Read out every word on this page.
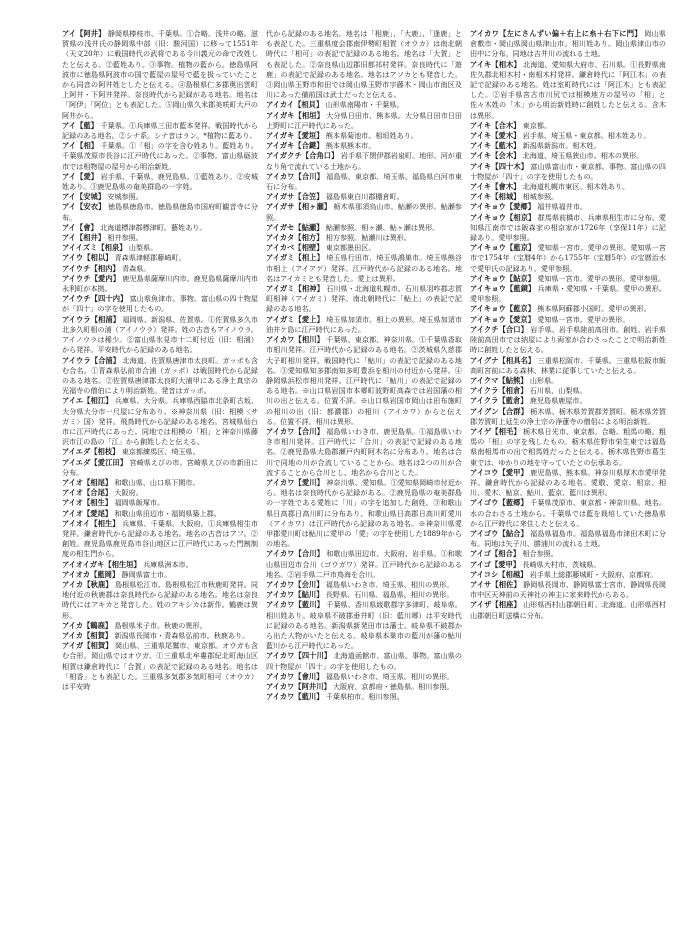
アイ【阿井】 静岡県榛枝市、千葉県。①合略。浅井の略。滋賀県の浅井氏の静岡県中部（旧：駿河国）に移って1551年（天文20年）に戦国時代の武将である今川義元の命で改姓したと伝える。②藍姓あり。③事物。植物の藍から。徳島県阿波市に徳島県阿波市の国で藍屋の屋号で藍を扱っていたことから同音の阿井姓としたと伝える。④島根県仁多郡奥出雲町上阿井・下阿井発祥。奈良時代から記録がある地名。地名は「阿伊」「阿位」とも表記した。⑤岡山県久米郡美咲町大戸の阿井から。

アイ【藍】 千葉県。①兵庫県三田市藍本発祥。戦国時代から記録のある地名。②シナ系。シナ音はラン。*植物に藍あり。

アイ【相】 千葉県。①「相」の字を含む姓あり。藍姓あり。千葉県茂原市長谷に江戸時代にあった。②事物。富山県砺波市では相物屋の屋号から明治新姓。

アイ【愛】 岩手県、千葉県、鹿児島県。①藍姓あり。②安城姓あり。③鹿児島県の奄美群島の一字姓。

アイ【安城】 安城参照。

アイ【安衣】 徳島県徳島市。徳島県徳島市国府町観音寺に分布。

アイ【會】 北海道標津郡標津町。藝姓あり。

アイ【相井】 相井参照。

アイイズミ【相泉】 山梨県。

アイウ【相以】 青森県津軽郡藤崎町。

アイウチ【相内】 青森県。

アイウチ【愛内】 鹿児島県薩摩川内市。鹿児島県薩摩川内市永利町が本拠。

アイウチ【四十内】 富山県魚津市。事物。富山県の四十物屋が「四十」の字を使用したもの。

アイウラ【相浦】 福岡県、新潟県、佐賀県。①佐賀県多久市北多久町相の浦（アイノウラ）発祥。姓の古音もアイノウラ。アイノウラは稀少。②富山県氷見市十二町付近（旧：相浦）から発祥。平安時代から記録のある地名。

アイウラ【合浦】 北海道、佐賀県唐津市太良町。ガッポも含む合名。①青森県弘前市合浦（ガッポ）は戦国時代から記録のある地名。②佐賀県唐津郡太良町大浦甲にある浄土真宗の光福寺の僧伯により明治新姓。発音はガッポ。

アイエ【相江】 兵庫県、大分県。兵庫県西脇市北条町古坂、大分県大分市一尺屋に分布あり。※神奈川県（旧：相模〈サガミ〉国）発祥。飛鳥時代から記録のある地名。宮城県仙台市に江戸時代にあった。同地では相模の「相」と神奈川県藤沢市江の島の「江」から創姓したと伝える。

アイエダ【相枝】 東京都練馬区、埼玉県。

アイエダ【愛江田】 宮崎県えびの市。宮崎県えびの市新田に分布。

アイオ【相尾】 和歌山県、山口県下関市。

アイオ【合尾】 大阪府。

アイオ【相生】 福岡県飯塚市。

アイオ【愛尾】 和歌山県田辺市・福岡県築上郡。

アイオイ【相生】 兵庫県、千葉県、大阪府。①兵庫県相生市発祥。鎌倉時代から記録のある地名。地名の古音はアフ。②創姓。鹿児島県鹿児島市谷山地区に江戸時代にあった門割制度の相生門から。

アイオイガキ【相生垣】 兵庫県洲本市。

アイオカ【藍岡】 静岡県富士市。

アイカ【秋鹿】 島根県松江市。島根県松江市秋鹿町発祥。同地付近の秋鹿郡は奈良時代から記録のある地名。地名は奈良時代にはアキカと発音した。姓のアキシカは新作。鶴鹿は異形。

アイカ【鶴鹿】 島根県米子市。秋鹿の異形。

アイカ【相賀】 新潟県長岡市・青森県弘前市。秋鹿あり。

アイガ【相賀】 岡山県、三重県尾鷲市、東京都。オウガも含む合形。岡山県ではオウガ。①三重県北牟婁郡紀北町海山区相賀は鎌倉時代に「合賀」の表記で記録のある地名。地名は「相香」とも表記した。三重県多気郡多気町相可（オウカ）は平安時

代から記録のある地名。地名は「相鹿」、「大鹿」、「逢鹿」とも表記した。三重県度会郡南伊勢町相賀（オウカ）は南北朝時代に「相可」の表記で記録のある地名。地名は「大賀」とも表記した。②奈良県山辺郡旧都祁村発祥。奈良時代に「遊鹿」の表記で記録のある地名。地名はアソカとも発音した。③岡山県玉野市和田では岡山県玉野市宇藤木・岡山市南区及川にあった備前国は武士だったと伝える。

アイカイ【相貝】 山形県南陽市・千葉県。

アイガキ【相垣】 大分県日田市、熊本県。大分県日田市日田上野町に江戸時代にあった。

アイガキ【愛垣】 熊本県菊池市。相垣姓あり。

アイガキ【合鍵】 熊本県熊本市。

アイガクチ【合角口】 岩手県下閉伊郡岩泉町。地形。河が重なり角で流れている土地から。

アイカワ【合川】 福島県、東京都、埼玉県。福島県白河市東石に分布。

アイガサ【合笠】 福島県東白川郡棚倉町。

アイガサ【相ヶ瀬】 栃木県那須烏山市。鮎瀬の異形。鮎瀬参照。

アイガセ【鮎瀬】 鮎瀬参照。相ヶ瀬、鮎ヶ瀬は異形。

アイカタ【相方】 相方参照。鮎瀬川は異形。

アイカベ【相壁】 東京都墨田区。

アイガミ【相上】 埼玉県行田市、埼玉県鴻巣市。埼玉県熊谷市相上（アイアゲ）発祥。江戸時代から記録のある地名。地名はアイカミとも発音した。愛上は異形。

アイガミ【相神】 石川県・北海道札幌市。石川県羽咋郡志賀町相神（アイガミ）発祥。南北朝時代に「鮎上」の表記で記録のある地名。

アイガミ【愛上】 埼玉県加須市。相上の異形。埼玉県加須市油井ケ島に江戸時代にあった。

アイカワ【相川】 千葉県、東京都、神奈川県。①千葉県香取市相川発祥。江戸時代から記録のある地名。②茨城県久慈郡大子町相川発祥。戦国時代に「鮎川」の表記で記録のある地名。③愛知県知多郡南知多町豊浜を相川の付近から発祥。④静岡県浜松市相川発祥。江戸時代に「鮎川」の表記で記録のある地名。※山口県岩国市本郷町波野町高森では岩国藩の相川の出と伝える。位置不詳。※山口県岩国市岡山は田布施町の相川の出（旧：都濃郡）の相川（アイカワ）からと伝える。位置不詳。相川は異形。

アイカワ【合川】 福島県いわき市、鹿児島県。①福島県いわき市相川発祥。江戸時代に「合川」の表記で記録のある地名。②鹿児島県大島郡瀬戸内町阿木名に分布あり。地名は合川で同地の川が合流していることから。地名は2つの川が合流することから合川とし、地名から合川とした。

アイカワ【愛川】 神奈川県、愛知県。①愛知県岡崎市付近から。地名は奈良時代から記録がある。②鹿児島県の奄美群島の一字姓である愛姓に「川」の字を追加した創姓。③和歌山県日高郡日高川町に分布あり。和歌山県日高郡日高川町愛川（アイカワ）は江戸時代から記録のある地名。※神奈川県愛甲郡愛川町は鮎川に愛甲の「愛」の字を使用した1889年からの地名。

アイカワ【合川】 和歌山県田辺市、大阪府、岩手県。①和歌山県田辺市合川（ゴウガワ）発祥。江戸時代から記録のある地名。②岩手県二戸市鳥海を合川。

アイカワ【会川】 福島県いわき市、埼玉県、相川の異形。

アイカワ【鮎川】 長野県、石川県、福島県。相川の異形。

アイカワ【藍川】 千葉県、香川県綾歌郡宇多津町、岐阜県。相川姓あり。岐阜県不破郡垂井町（旧：藍川郷）は平安時代に記録のある地名。新潟県新発田市は藩士、岐阜県不破郡から出た人物がいたと伝える。岐阜県本巣市の藍川が藩の鮎川藍川から江戸時代にあった。

アイカワ【四十川】 北海道函館市、富山県。事物。富山県の四十物屋が「四十」の字を使用したもの。

アイカワ【會川】 福島県いわき市、埼玉県。相川の異形。

アイカワ【阿井川】 大阪府、京都府・徳島県。相川参照。

アイカワ【藍川】 千葉県柏市。相川参照。

アイカワ【左にさんずい偏＋右上に糸＋右下に門】 岡山県倉敷市・岡山県岡山県津山市。相川姓あり。岡山県津山市の田中に分布。同地は吉井川の流れる土地。

アイキ【相木】 北海道、愛知県大府市、石川県。①長野県南佐久郡北相木村・南相木村発祥。鎌倉時代に「阿江木」の表記で記録のある地名。姓は室町時代には「阿江木」とも表記した。②岩手県宮古市川尻では相模地方の屋号の「相」と佐々木姓の「木」から明治新姓時に創姓したと伝える。含木は異形。

アイキ【合木】 東京都。

アイキ【愛木】 岩手県、埼玉県・東京都。相木姓あり。

アイキ【藍木】 新潟県新潟市。相木姓。

アイキ【会木】 北海道、埼玉県狭山市。相木の異形。

アイキ【四十木】 富山県富山市・東京都。事物。富山県の四十物屋が「四十」の字を使用したもの。

アイキ【會木】 北海道札幌市東区。相木姓あり。

アイキ【相城】 相城参照。

アイキョウ【愛郷】 福井県福井市。

アイキョウ【相京】 群馬県前橋市、兵庫県相生市に分布。愛知県江南市では飯森家の相京家が1726年（享保11年）に記録あり。愛甲参照。

アイキョウ【藍京】 愛知県一宮市。愛甲の異形。愛知県一宮市で1754年（宝暦4年）から1755年（宝暦5年）の宝暦治水で愛甲氏の記録あり。愛甲参照。

アイキョウ【鮎京】 愛知県一宮市。愛甲の異形。愛甲参照。

アイキョウ【藍鏡】 兵庫県・愛知県・千葉県。愛甲の異形。愛甲参照。

アイキョウ【藍京】 熊本県阿蘇郡小国町。愛甲の異形。

アイキョウ【愛京】 愛知県一宮市。愛甲の異形。

アイクチ【合口】 岩手県、岩手県陸前高田市。創姓。岩手県陸前高田市では納屋により両家が合わさったことで明治新姓時に創姓したと伝える。

アイグナ【相具名】 三重県松阪市、千葉県。三重県松阪市飯高町宮前にある森林、林業に従事していたと伝える。

アイクマ【鮎熊】 山形県。

アイクラ【相倉】 石川県、山梨県。

アイクラ【藍倉】 鹿児島県鹿屋市。

アイグン【合群】 栃木県、栃木県芳賀郡芳賀町。栃木県芳賀郡芳賀町上延生の浄土宗の浄蓮寺の僧侶による明治新姓。

アイゲ【相毛】 栃木県日光市、東京都。合略。粗馬の略。粗馬の「相」の字を残したもの。栃木県佐野市栄生東では福島県南相馬市の出で相馬姓だったと伝える。栃木県佐野市葛生東では、ゆかりの地を守っていたとの伝承ある。

アイコウ【愛甲】 鹿児島県、熊本県。神奈川県厚木市愛甲発祥。鎌倉時代から記録のある地名。愛敬、愛京、相京、相川、愛木、鮎京、鮎川、藍京、藍川は異形。

アイゴウ【藍郷】 千葉県茂原市、東京都・神奈川県。地名。水の合わさる土地から。千葉県では藍を栽培していた徳島県から江戸時代に来住したと伝える。

アイゴウ【鮎合】 福島県福島市。福島県福島市津田木町に分布。同地は矢子川、勝浦川の流れる土地。

アイゴ【相合】 相合参照。

アイゴ【愛甲】 長崎県大村市、茨城県。

アイコシ【相越】 岩手県上総郡藤城町・大阪府、京都府。

アイサ【相佐】 静岡県長岡市、静岡県富士宮市、静岡県長岡市中区天神前の天神社の神主に家来時代からある。

アイザ【相座】 山形県西村山郡朝日町、北海道。山形県西村山郡朝日町送橋に分布。
